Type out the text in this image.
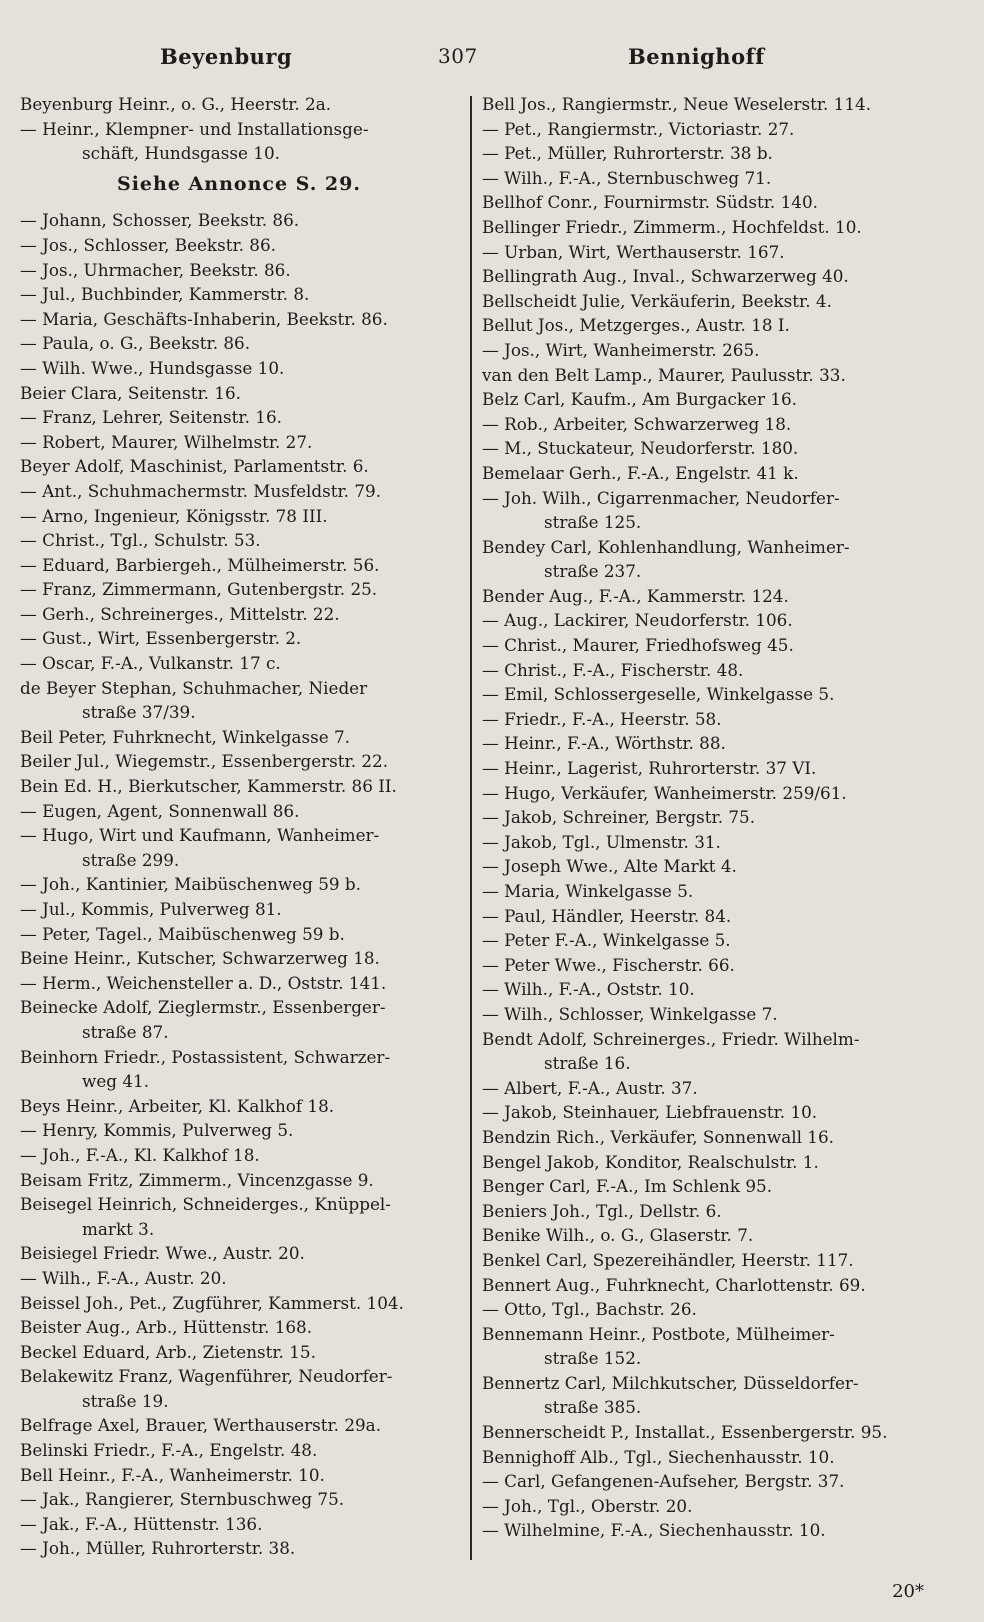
Beyenburg	307	Bennighoff
Beyenburg Heinr., o. G., Heerstr. 2a.
— Heinr., Klempner- und Installationsge-
schäft, Hundsgasse 10.
Siehe Annonce S. 29.
— Johann, Schosser, Beekstr. 86.
— Jos., Schlosser, Beekstr. 86.
— Jos., Uhrmacher, Beekstr. 86.
— Jul., Buchbinder, Kammerstr. 8.
— Maria, Geschäfts-Inhaberin, Beekstr. 86.
— Paula, o. G., Beekstr. 86.
— Wilh. Wwe., Hundsgasse 10.
Beier Clara, Seitenstr. 16.
— Franz, Lehrer, Seitenstr. 16.
— Robert, Maurer, Wilhelmstr. 27.
Beyer Adolf, Maschinist, Parlamentstr. 6.
— Ant., Schuhmachermstr. Musfeldstr. 79.
— Arno, Ingenieur, Königsstr. 78 III.
— Christ., Tgl., Schulstr. 53.
— Eduard, Barbiergeh., Mülheimerstr. 56.
— Franz, Zimmermann, Gutenbergstr. 25.
— Gerh., Schreinerges., Mittelstr. 22.
— Gust., Wirt, Essenbergerstr. 2.
— Oscar, F.-A., Vulkanstr. 17 c.
de Beyer Stephan, Schuhmacher, Nieder
straße 37/39.
Beil Peter, Fuhrknecht, Winkelgasse 7.
Beiler Jul., Wiegemstr., Essenbergerstr. 22.
Bein Ed. H., Bierkutscher, Kammerstr. 86 II.
— Eugen, Agent, Sonnenwall 86.
— Hugo, Wirt und Kaufmann, Wanheimer-
straße 299.
— Joh., Kantinier, Maibüschenweg 59 b.
— Jul., Kommis, Pulverweg 81.
— Peter, Tagel., Maibüschenweg 59 b.
Beine Heinr., Kutscher, Schwarzerweg 18.
— Herm., Weichensteller a. D., Oststr. 141.
Beinecke Adolf, Zieglermstr., Essenberger-
straße 87.
Beinhorn Friedr., Postassistent, Schwarzer-
weg 41.
Beys Heinr., Arbeiter, Kl. Kalkhof 18.
— Henry, Kommis, Pulverweg 5.
— Joh., F.-A., Kl. Kalkhof 18.
Beisam Fritz, Zimmerm., Vincenzgasse 9.
Beisegel Heinrich, Schneiderges., Knüppel-
markt 3.
Beisiegel Friedr. Wwe., Austr. 20.
— Wilh., F.-A., Austr. 20.
Beissel Joh., Pet., Zugführer, Kammerst. 104.
Beister Aug., Arb., Hüttenstr. 168.
Beckel Eduard, Arb., Zietenstr. 15.
Belakewitz Franz, Wagenführer, Neudorfer-
straße 19.
Belfrage Axel, Brauer, Werthauserstr. 29a.
Belinski Friedr., F.-A., Engelstr. 48.
Bell Heinr., F.-A., Wanheimerstr. 10.
— Jak., Rangierer, Sternbuschweg 75.
— Jak., F.-A., Hüttenstr. 136.
— Joh., Müller, Ruhrorterstr. 38.
Bell Jos., Rangiermstr., Neue Weselerstr. 114.
— Pet., Rangiermstr., Victoriastr. 27.
— Pet., Müller, Ruhrorterstr. 38 b.
— Wilh., F.-A., Sternbuschweg 71.
Bellhof Conr., Fournirmstr. Südstr. 140.
Bellinger Friedr., Zimmerm., Hochfeldst. 10.
— Urban, Wirt, Werthauserstr. 167.
Bellingrath Aug., Inval., Schwarzerweg 40.
Bellscheidt Julie, Verkäuferin, Beekstr. 4.
Bellut Jos., Metzgerges., Austr. 18 I.
— Jos., Wirt, Wanheimerstr. 265.
van den Belt Lamp., Maurer, Paulusstr. 33.
Belz Carl, Kaufm., Am Burgacker 16.
— Rob., Arbeiter, Schwarzerweg 18.
— M., Stuckateur, Neudorferstr. 180.
Bemelaar Gerh., F.-A., Engelstr. 41 k.
— Joh. Wilh., Cigarrenmacher, Neudorfer-
straße 125.
Bendey Carl, Kohlenhandlung, Wanheimer-
straße 237.
Bender Aug., F.-A., Kammerstr. 124.
— Aug., Lackirer, Neudorferstr. 106.
— Christ., Maurer, Friedhofsweg 45.
— Christ., F.-A., Fischerstr. 48.
— Emil, Schlossergeselle, Winkelgasse 5.
— Friedr., F.-A., Heerstr. 58.
— Heinr., F.-A., Wörthstr. 88.
— Heinr., Lagerist, Ruhrorterstr. 37 VI.
— Hugo, Verkäufer, Wanheimerstr. 259/61.
— Jakob, Schreiner, Bergstr. 75.
— Jakob, Tgl., Ulmenstr. 31.
— Joseph Wwe., Alte Markt 4.
— Maria, Winkelgasse 5.
— Paul, Händler, Heerstr. 84.
— Peter F.-A., Winkelgasse 5.
— Peter Wwe., Fischerstr. 66.
— Wilh., F.-A., Oststr. 10.
— Wilh., Schlosser, Winkelgasse 7.
Bendt Adolf, Schreinerges., Friedr. Wilhelm-
straße 16.
— Albert, F.-A., Austr. 37.
— Jakob, Steinhauer, Liebfrauenstr. 10.
Bendzin Rich., Verkäufer, Sonnenwall 16.
Bengel Jakob, Konditor, Realschulstr. 1.
Benger Carl, F.-A., Im Schlenk 95.
Beniers Joh., Tgl., Dellstr. 6.
Benike Wilh., o. G., Glaserstr. 7.
Benkel Carl, Spezereihändler, Heerstr. 117.
Bennert Aug., Fuhrknecht, Charlottenstr. 69.
— Otto, Tgl., Bachstr. 26.
Bennemann Heinr., Postbote, Mülheimer-
straße 152.
Bennertz Carl, Milchkutscher, Düsseldorfer-
straße 385.
Bennerscheidt P., Installat., Essenbergerstr. 95.
Bennighoff Alb., Tgl., Siechenhausstr. 10.
— Carl, Gefangenen-Aufseher, Bergstr. 37.
— Joh., Tgl., Oberstr. 20.
— Wilhelmine, F.-A., Siechenhausstr. 10.
20*
